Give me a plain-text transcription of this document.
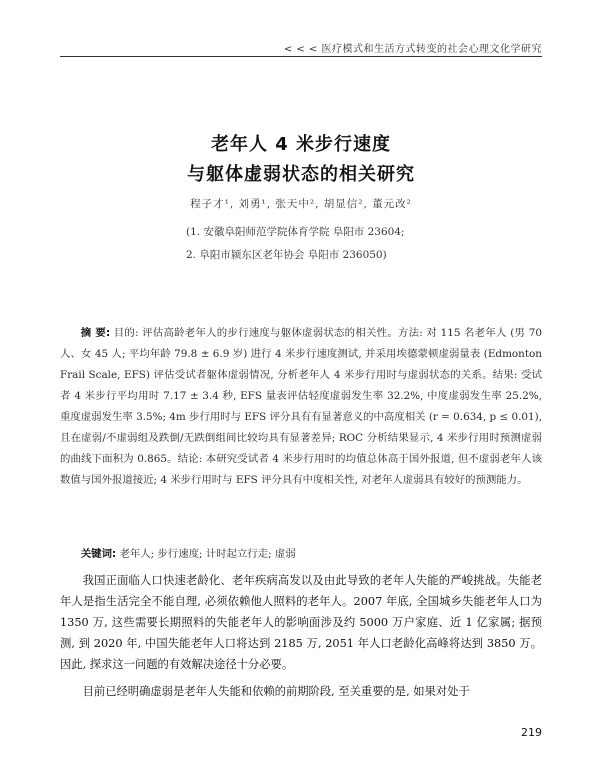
< < < 医疗模式和生活方式转变的社会心理文化学研究
老年人 4 米步行速度
与躯体虚弱状态的相关研究
程子才¹, 刘勇¹, 张天中², 胡显信², 董元改²
(1. 安徽阜阳师范学院体育学院 阜阳市 23604;
2. 阜阳市颍东区老年协会 阜阳市 236050)
摘 要: 目的: 评估高龄老年人的步行速度与躯体虚弱状态的相关性。方法: 对 115 名老年人 (男 70 人、女 45 人; 平均年龄 79.8 ± 6.9 岁) 进行 4 米步行速度测试, 并采用埃德蒙顿虚弱量表 (Edmonton Frail Scale, EFS) 评估受试者躯体虚弱情况, 分析老年人 4 米步行用时与虚弱状态的关系。结果: 受试者 4 米步行平均用时 7.17 ± 3.4 秒, EFS 量表评估轻度虚弱发生率 32.2%, 中度虚弱发生率 25.2%, 重度虚弱发生率 3.5%; 4m 步行用时与 EFS 评分具有有显著意义的中高度相关 (r = 0.634, p ≤ 0.01), 且在虚弱/不虚弱组及跌倒/无跌倒组间比较均具有显著差异; ROC 分析结果显示, 4 米步行用时预测虚弱的曲线下面积为 0.865。结论: 本研究受试者 4 米步行用时的均值总体高于国外报道, 但不虚弱老年人该数值与国外报道接近; 4 米步行用时与 EFS 评分具有中度相关性, 对老年人虚弱具有较好的预测能力。
关键词: 老年人; 步行速度; 计时起立行走; 虚弱

我国正面临人口快速老龄化、老年疾病高发以及由此导致的老年人失能的严峻挑战。失能老年人是指生活完全不能自理, 必须依赖他人照料的老年人。2007 年底, 全国城乡失能老年人口为 1350 万, 这些需要长期照料的失能老年人的影响面涉及约 5000 万户家庭、近 1 亿家属; 据预测, 到 2020 年, 中国失能老年人口将达到 2185 万, 2051 年人口老龄化高峰将达到 3850 万。因此, 探求这一问题的有效解决途径十分必要。

目前已经明确虚弱是老年人失能和依赖的前期阶段, 至关重要的是, 如果对处于

219
